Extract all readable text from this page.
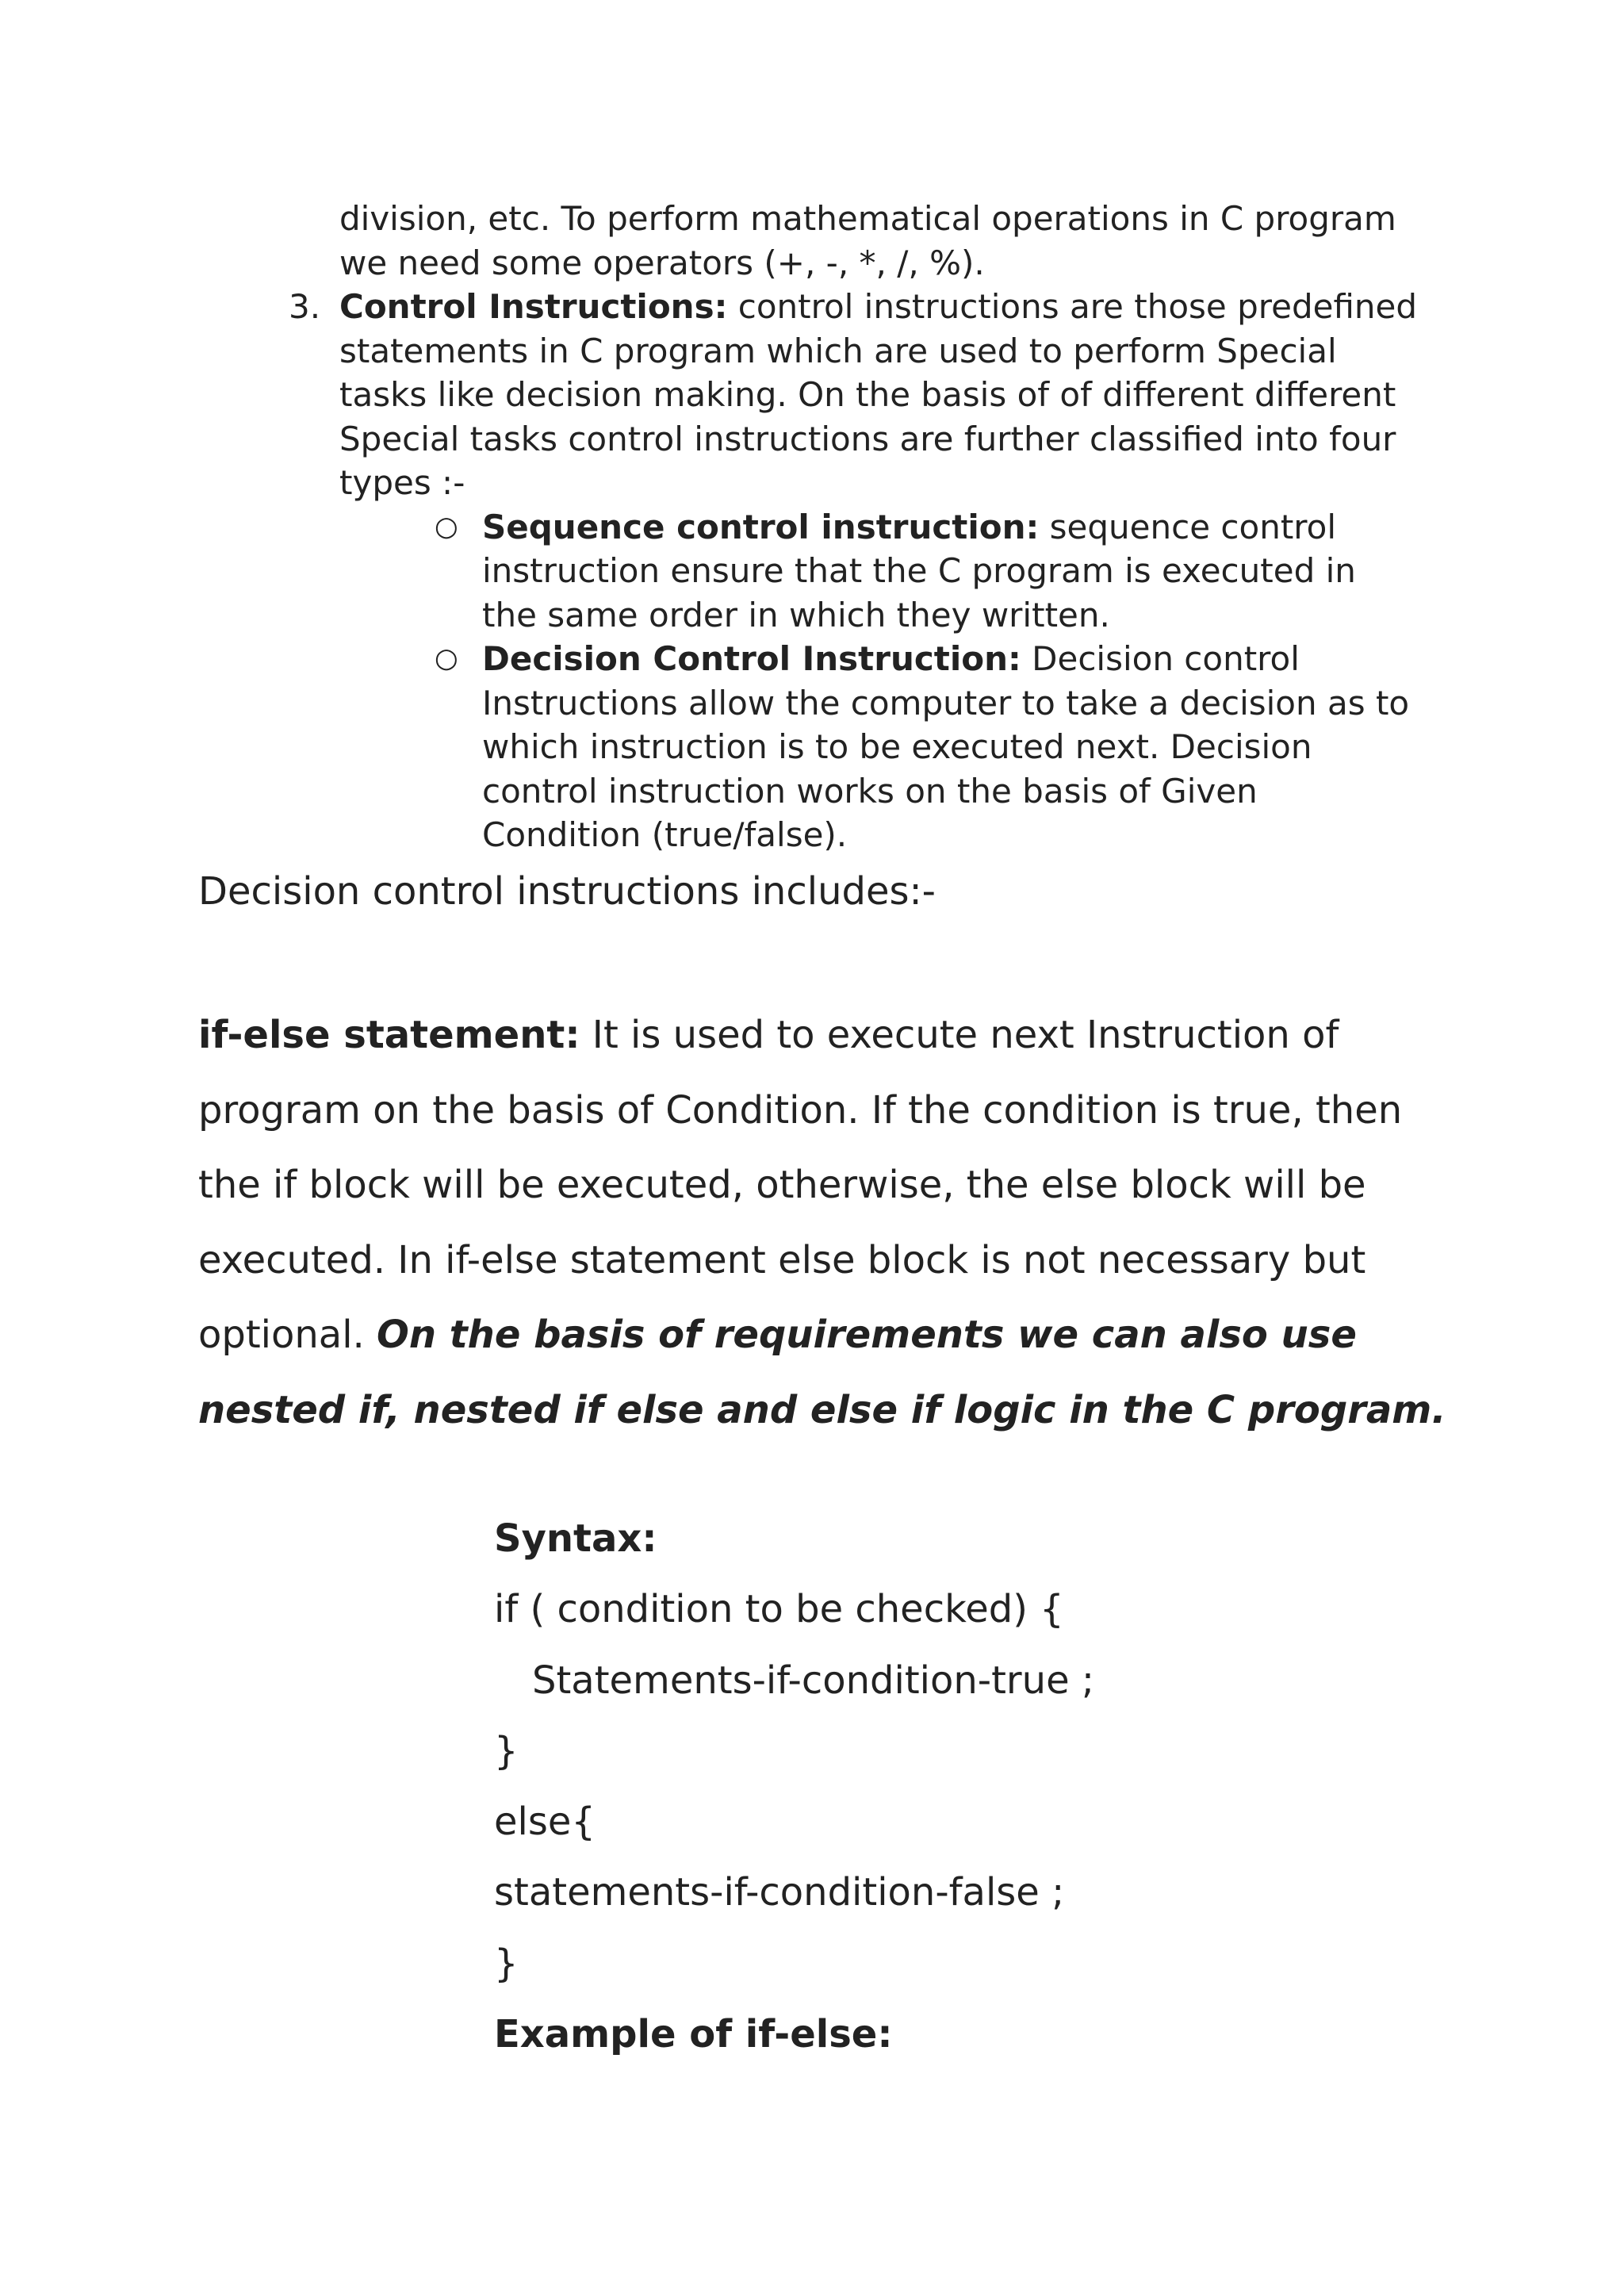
division, etc. To perform mathematical operations in C program we need some operators (+, -, *, /, %).
3. Control Instructions: control instructions are those predefined statements in C program which are used to perform Special tasks like decision making. On the basis of of different different Special tasks control instructions are further classified into four types :-
○ Sequence control instruction: sequence control instruction ensure that the C program is executed in the same order in which they written.
○ Decision Control Instruction: Decision control Instructions allow the computer to take a decision as to which instruction is to be executed next. Decision control instruction works on the basis of Given Condition (true/false).
Decision control instructions includes:-
if-else statement: It is used to execute next Instruction of program on the basis of Condition. If the condition is true, then the if block will be executed, otherwise, the else block will be executed. In if-else statement else block is not necessary but optional. On the basis of requirements we can also use nested if, nested if else and else if logic in the C program.
Syntax:
if ( condition to be checked) {
Statements-if-condition-true ;
}
else{
statements-if-condition-false ;
}
Example of if-else:
